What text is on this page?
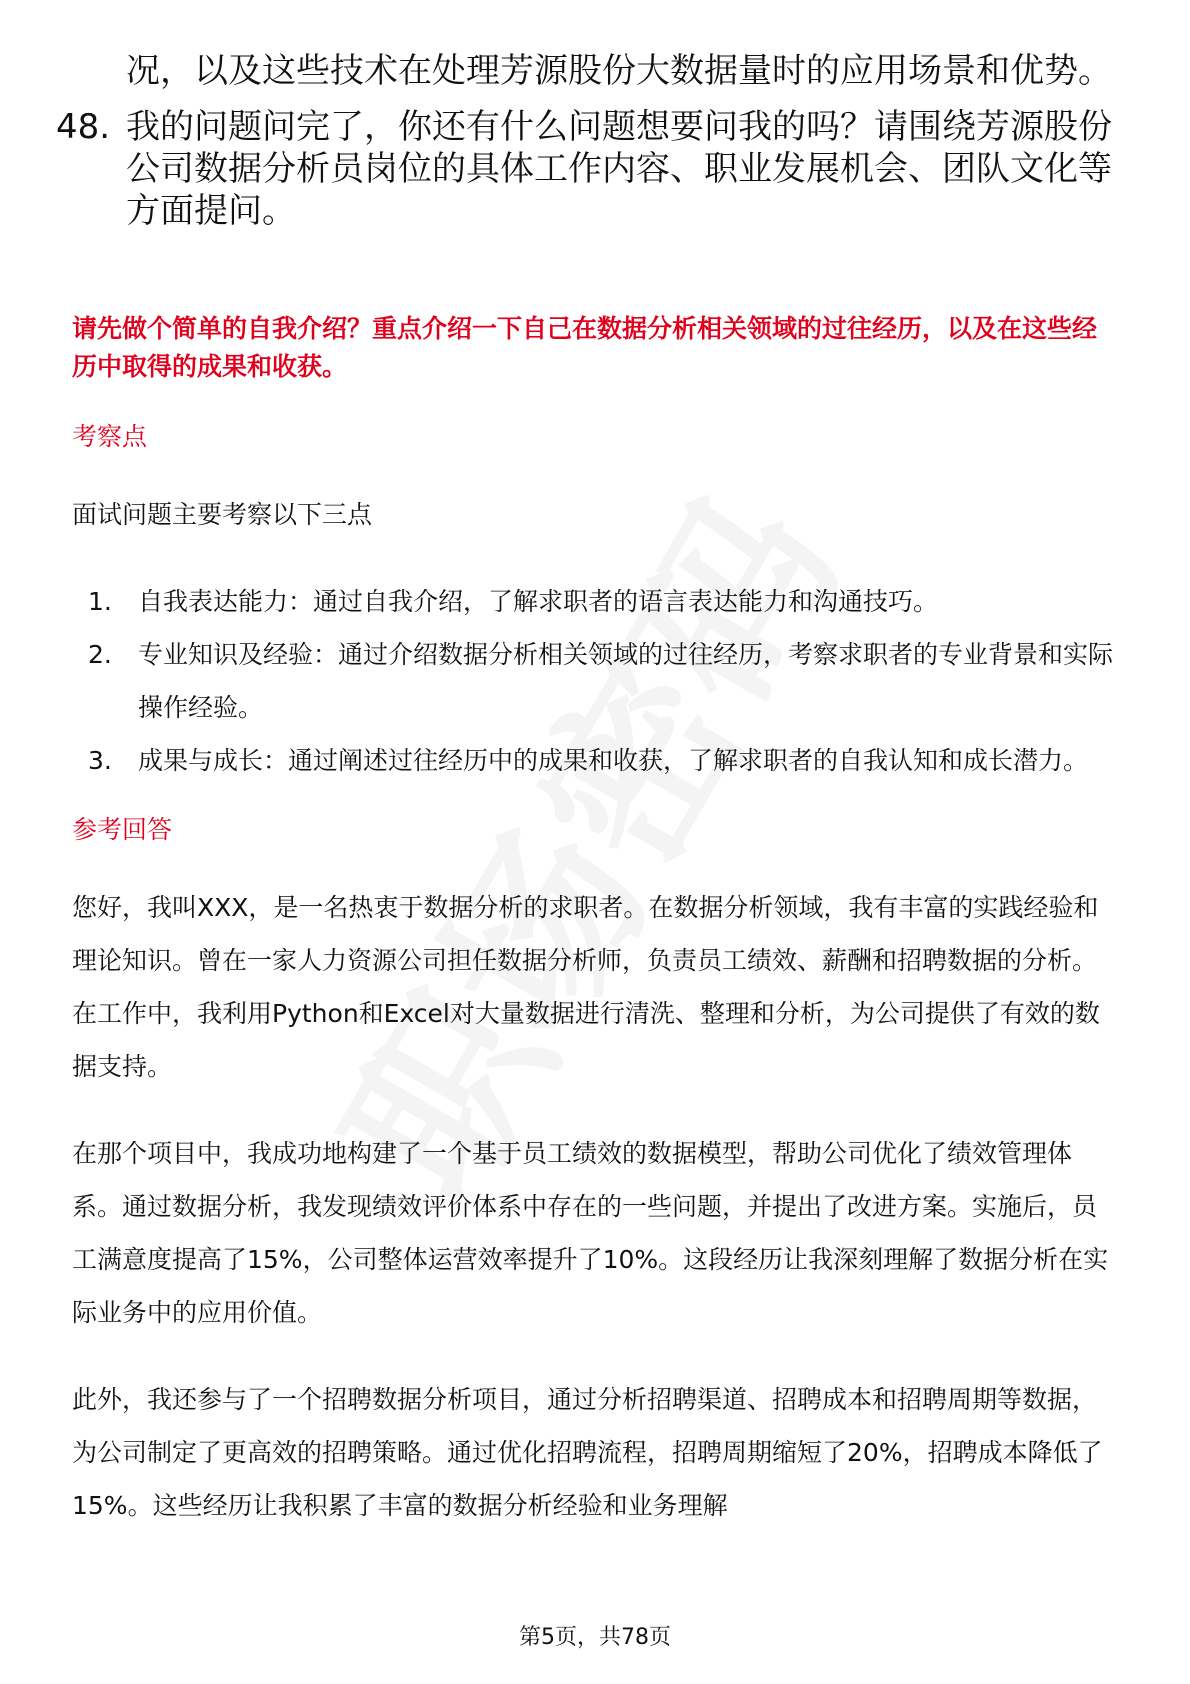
况，以及这些技术在处理芳源股份大数据量时的应用场景和优势。
48. 我的问题问完了，你还有什么问题想要问我的吗？请围绕芳源股份公司数据分析员岗位的具体工作内容、职业发展机会、团队文化等方面提问。

请先做个简单的自我介绍？重点介绍一下自己在数据分析相关领域的过往经历，以及在这些经历中取得的成果和收获。

考察点

面试问题主要考察以下三点

1.	自我表达能力：通过自我介绍，了解求职者的语言表达能力和沟通技巧。
2.	专业知识及经验：通过介绍数据分析相关领域的过往经历，考察求职者的专业背景和实际操作经验。
3.	成果与成长：通过阐述过往经历中的成果和收获，了解求职者的自我认知和成长潜力。

参考回答

您好，我叫XXX，是一名热衷于数据分析的求职者。在数据分析领域，我有丰富的实践经验和理论知识。曾在一家人力资源公司担任数据分析师，负责员工绩效、薪酬和招聘数据的分析。在工作中，我利用Python和Excel对大量数据进行清洗、整理和分析，为公司提供了有效的数据支持。

在那个项目中，我成功地构建了一个基于员工绩效的数据模型，帮助公司优化了绩效管理体系。通过数据分析，我发现绩效评价体系中存在的一些问题，并提出了改进方案。实施后，员工满意度提高了15%，公司整体运营效率提升了10%。这段经历让我深刻理解了数据分析在实际业务中的应用价值。

此外，我还参与了一个招聘数据分析项目，通过分析招聘渠道、招聘成本和招聘周期等数据，为公司制定了更高效的招聘策略。通过优化招聘流程，招聘周期缩短了20%，招聘成本降低了15%。这些经历让我积累了丰富的数据分析经验和业务理解

第5页，共78页
